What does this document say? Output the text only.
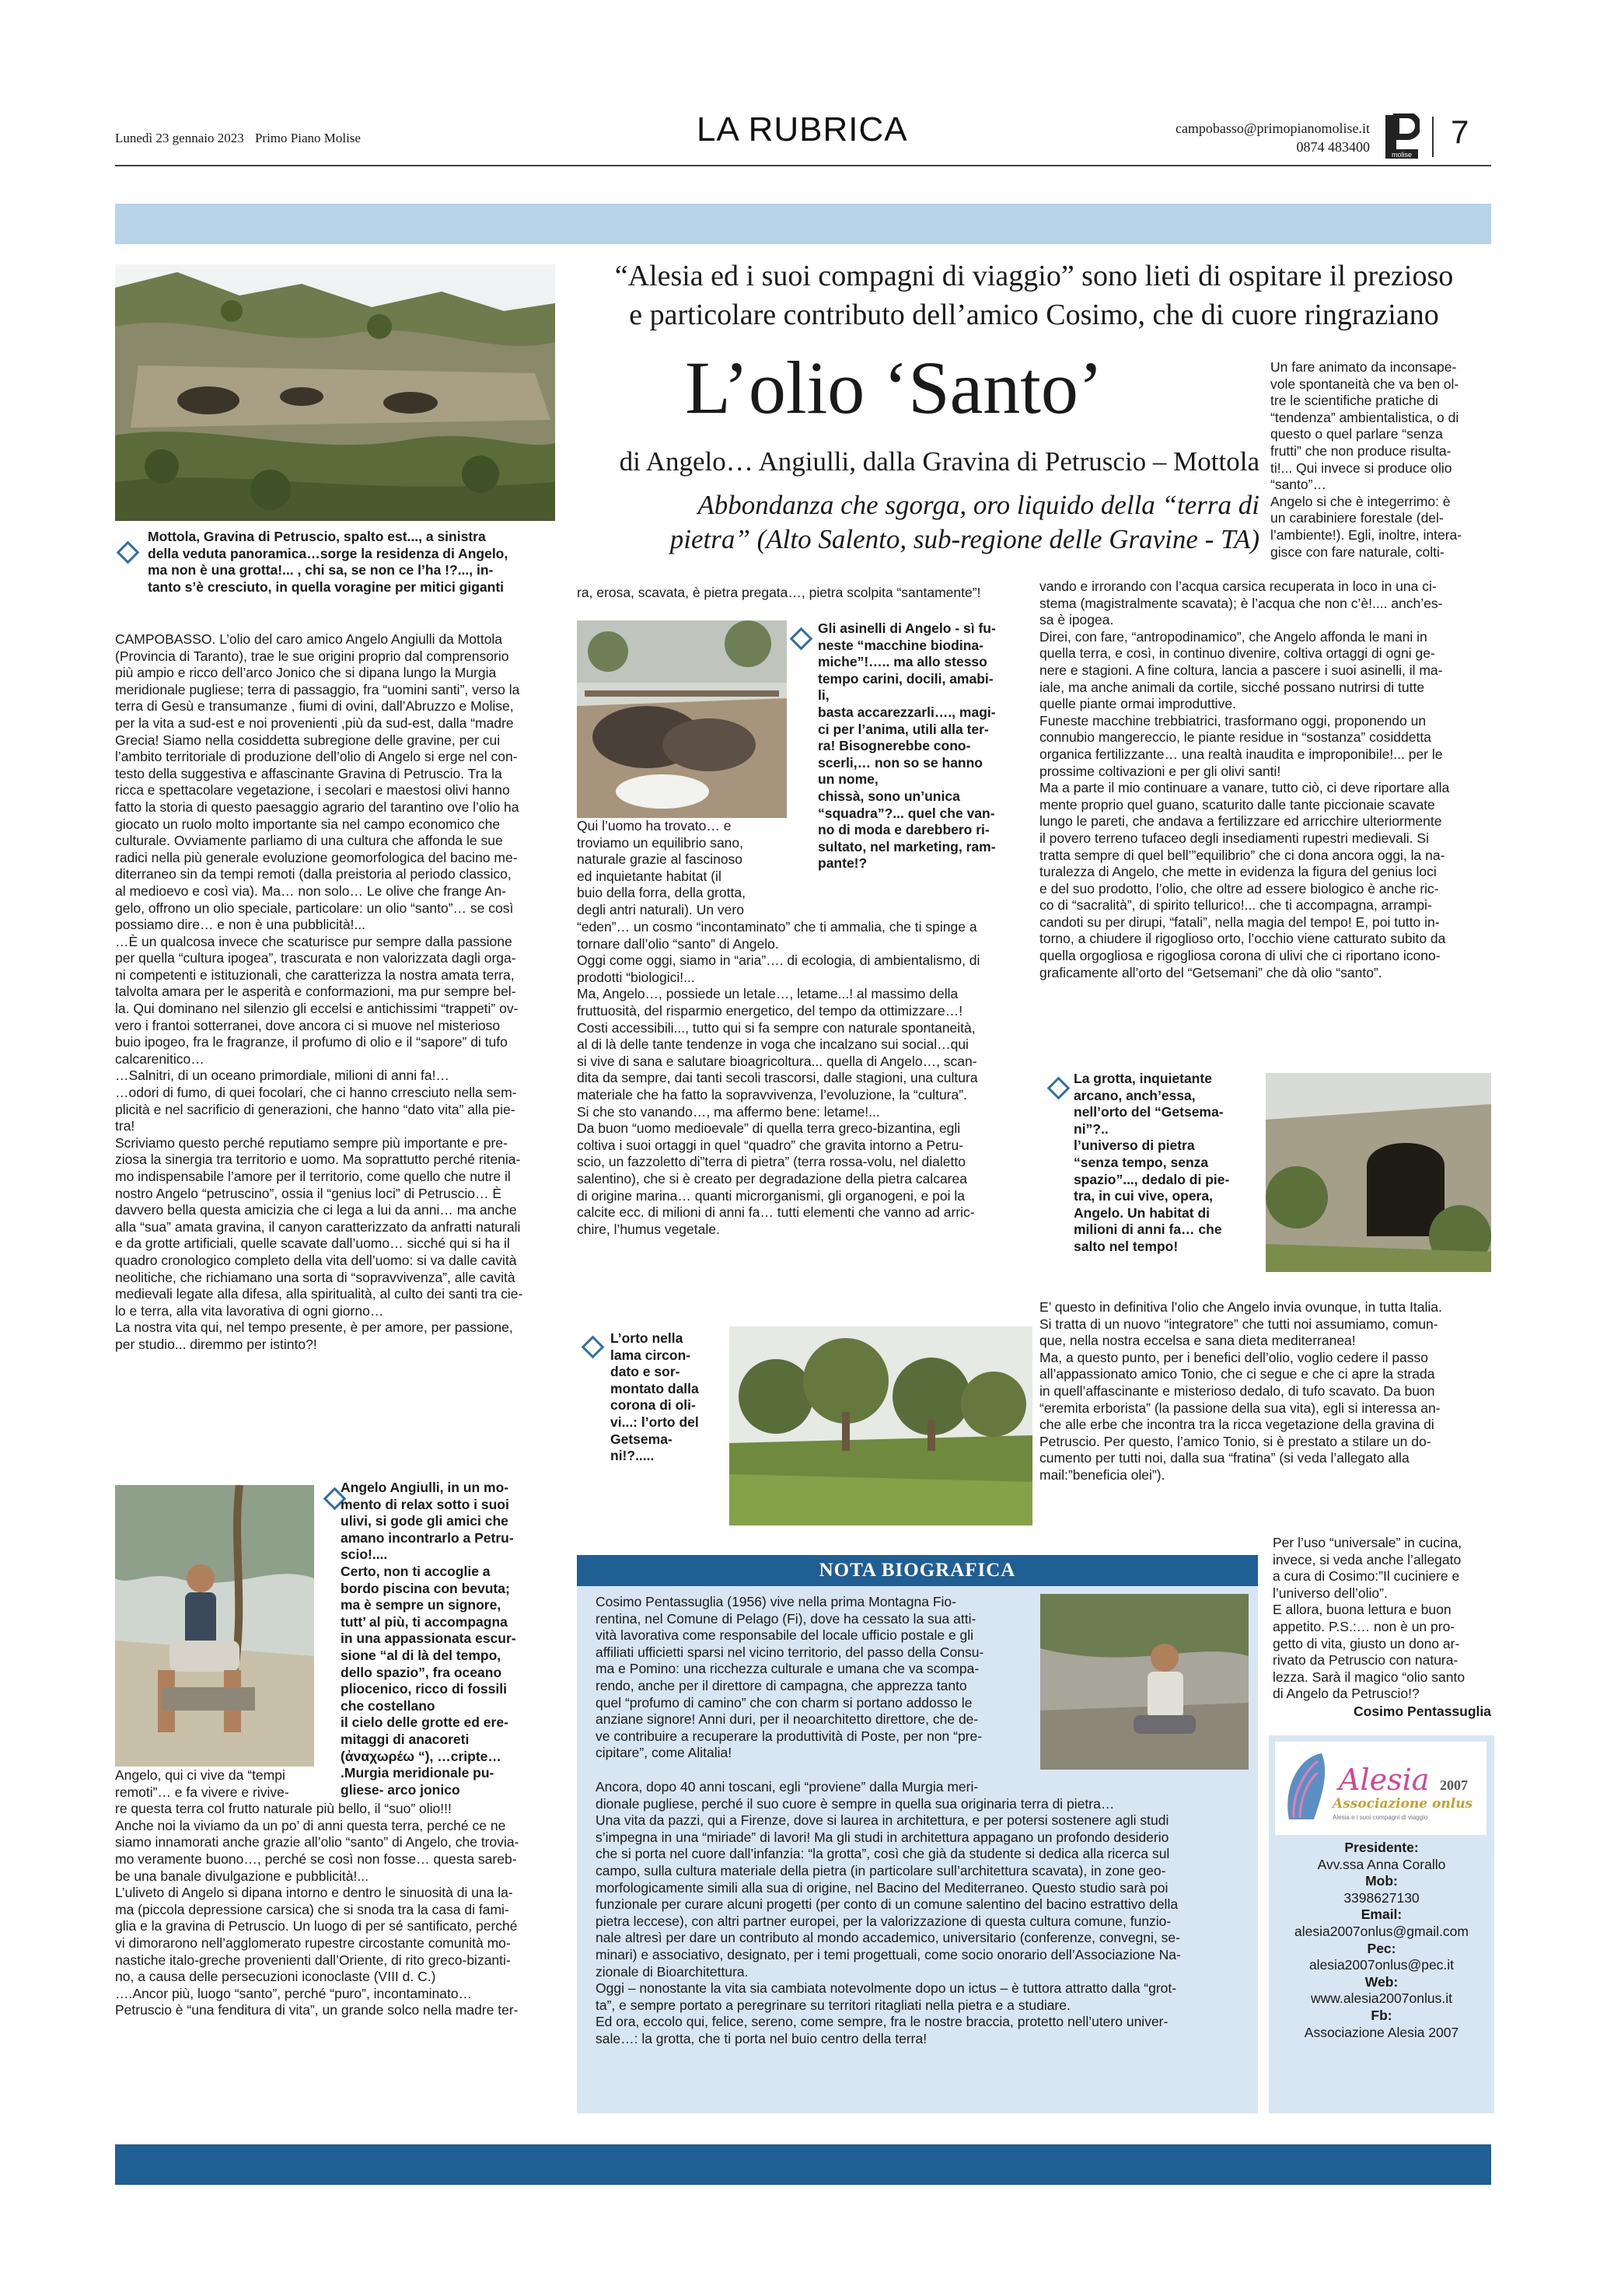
Lunedì 23 gennaio 2023 Primo Piano Molise	LA RUBRICA	campobasso@primopianomolise.it
0874 483400	molise
7
Mottola, Gravina di Petruscio, spalto est..., a sinistra
della veduta panoramica…sorge la residenza di Angelo,
ma non è una grotta!... , chi sa, se non ce l’ha !?..., in-
tanto s’è cresciuto, in quella voragine per mitici giganti
CAMPOBASSO. L’olio del caro amico Angelo Angiulli da Mottola
(Provincia di Taranto), trae le sue origini proprio dal comprensorio
più ampio e ricco dell’arco Jonico che si dipana lungo la Murgia
meridionale pugliese; terra di passaggio, fra “uomini santi”, verso la
terra di Gesù e transumanze , fiumi di ovini, dall’Abruzzo e Molise,
per la vita a sud-est e noi provenienti ,più da sud-est, dalla “madre
Grecia! Siamo nella cosiddetta subregione delle gravine, per cui
l’ambito territoriale di produzione dell’olio di Angelo si erge nel con-
testo della suggestiva e affascinante Gravina di Petruscio. Tra la
ricca e spettacolare vegetazione, i secolari e maestosi olivi hanno
fatto la storia di questo paesaggio agrario del tarantino ove l’olio ha
giocato un ruolo molto importante sia nel campo economico che
culturale. Ovviamente parliamo di una cultura che affonda le sue
radici nella più generale evoluzione geomorfologica del bacino me-
diterraneo sin da tempi remoti (dalla preistoria al periodo classico,
al medioevo e così via). Ma… non solo… Le olive che frange An-
gelo, offrono un olio speciale, particolare: un olio “santo”… se così
possiamo dire… e non è una pubblicità!...
…È un qualcosa invece che scaturisce pur sempre dalla passione
per quella “cultura ipogea”, trascurata e non valorizzata dagli orga-
ni competenti e istituzionali, che caratterizza la nostra amata terra,
talvolta amara per le asperità e conformazioni, ma pur sempre bel-
la. Qui dominano nel silenzio gli eccelsi e antichissimi “trappeti” ov-
vero i frantoi sotterranei, dove ancora ci si muove nel misterioso
buio ipogeo, fra le fragranze, il profumo di olio e il “sapore” di tufo
calcarenitico…
…Salnitri, di un oceano primordiale, milioni di anni fa!…
…odori di fumo, di quei focolari, che ci hanno crresciuto nella sem-
plicità e nel sacrificio di generazioni, che hanno “dato vita” alla pie-
tra!
Scriviamo questo perché reputiamo sempre più importante e pre-
ziosa la sinergia tra territorio e uomo. Ma soprattutto perché ritenia-
mo indispensabile l’amore per il territorio, come quello che nutre il
nostro Angelo “petruscino”, ossia il “genius loci” di Petruscio… È
davvero bella questa amicizia che ci lega a lui da anni… ma anche
alla “sua” amata gravina, il canyon caratterizzato da anfratti naturali
e da grotte artificiali, quelle scavate dall’uomo… sicché qui si ha il
quadro cronologico completo della vita dell’uomo: si va dalle cavità
neolitiche, che richiamano una sorta di “sopravvivenza”, alle cavità
medievali legate alla difesa, alla spiritualità, al culto dei santi tra cie-
lo e terra, alla vita lavorativa di ogni giorno…
La nostra vita qui, nel tempo presente, è per amore, per passione,
per studio... diremmo per istinto?!
Angelo Angiulli, in un mo-
mento di relax sotto i suoi
ulivi, si gode gli amici che
amano incontrarlo a Petru-
scio!....
Certo, non ti accoglie a
bordo piscina con bevuta;
ma è sempre un signore,
tutt’ al più, ti accompagna
in una appassionata escur-
sione “al di là del tempo,
dello spazio”, fra oceano
pliocenico, ricco di fossili
che costellano
il cielo delle grotte ed ere-
mitaggi di anacoreti
(ἀναχωρέω “), …cripte…
.Murgia meridionale pu-
gliese- arco jonico
Angelo, qui ci vive da “tempi
remoti”… e fa vivere e rivive-
re questa terra col frutto naturale più bello, il “suo” olio!!!
Anche noi la viviamo da un po’ di anni questa terra, perché ce ne
siamo innamorati anche grazie all’olio “santo” di Angelo, che troviа-
mo veramente buono…, perché se così non fosse… questa sareb-
be una banale divulgazione e pubblicità!...
L’uliveto di Angelo si dipana intorno e dentro le sinuosità di una la-
ma (piccola depressione carsica) che si snoda tra la casa di fami-
glia e la gravina di Petruscio. Un luogo di per sé santificato, perché
vi dimorarono nell’agglomerato rupestre circostante comunità mo-
nastiche italo-greche provenienti dall’Oriente, di rito greco-bizanti-
no, a causa delle persecuzioni iconoclaste (VIII d. C.)
….Ancor più, luogo “santo”, perché “puro”, incontaminato…
Petruscio è “una fenditura di vita”, un grande solco nella madre ter-
“Alesia ed i suoi compagni di viaggio” sono lieti di ospitare il prezioso
e particolare contributo dell’amico Cosimo, che di cuore ringraziano
L’olio ‘Santo’
di Angelo… Angiulli, dalla Gravina di Petruscio – Mottola
Abbondanza che sgorga, oro liquido della “terra di
pietra” (Alto Salento, sub-regione delle Gravine - TA)
ra, erosa, scavata, è pietra pregata…, pietra scolpita “santamente”!
Gli asinelli di Angelo - sì fu-
neste “macchine biodina-
miche”!….. ma allo stesso
tempo carini, docili, amabi-
li,
basta accarezzarli…., magi-
ci per l’anima, utili alla ter-
ra! Bisognerebbe cono-
scerli,… non so se hanno
un nome,
chissà, sono un’unica
“squadra”?... quel che van-
no di moda e darebbero ri-
sultato, nel marketing, ram-
pante!?
Qui l’uomo ha trovato… e
troviamo un equilibrio sano,
naturale grazie al fascinoso
ed inquietante habitat (il
buio della forra, della grotta,
degli antri naturali). Un vero
“eden”… un cosmo “incontaminato” che ti ammalia, che ti spinge a
tornare dall’olio “santo” di Angelo.
Oggi come oggi, siamo in “aria”…. di ecologia, di ambientalismo, di
prodotti “biologici!...
Ma, Angelo…, possiede un letale…, letame...! al massimo della
fruttuosità, del risparmio energetico, del tempo da ottimizzare…!
Costi accessibili..., tutto qui si fa sempre con naturale spontaneità,
al di là delle tante tendenze in voga che incalzano sui social…qui
si vive di sana e salutare bioagricoltura... quella di Angelo…, scan-
dita da sempre, dai tanti secoli trascorsi, dalle stagioni, una cultura
materiale che ha fatto la sopravvivenza, l’evoluzione, la “cultura”.
Si che sto vanando…, ma affermo bene: letame!...
Da buon “uomo medioevale” di quella terra greco-bizantina, egli
coltiva i suoi ortaggi in quel “quadro” che gravita intorno a Petru-
scio, un fazzoletto di”terra di pietra” (terra rossa-volu, nel dialetto
salentino), che si è creato per degradazione della pietra calcarea
di origine marina… quanti microrganismi, gli organogeni, e poi la
calcite ecc. di milioni di anni fa… tutti elementi che vanno ad arric-
chire, l’humus vegetale.
L’orto nella
lama circon-
dato e sor-
montato dalla
corona di oli-
vi...: l’orto del
Getsema-
ni!?.....
Un fare animato da inconsape-
vole spontaneità che va ben ol-
tre le scientifiche pratiche di
“tendenza” ambientalistica, o di
questo o quel parlare “senza
frutti” che non produce risulta-
ti!... Qui invece si produce olio
“santo”…
Angelo si che è integerrimo: è
un carabiniere forestale (del-
l’ambiente!). Egli, inoltre, intera-
gisce con fare naturale, colti-
vando e irrorando con l’acqua carsica recuperata in loco in una ci-
stema (magistralmente scavata); è l’acqua che non c’è!.... anch’es-
sa è ipogea.
Direi, con fare, “antropodinamico”, che Angelo affonda le mani in
quella terra, e così, in continuo divenire, coltiva ortaggi di ogni ge-
nere e stagioni. A fine coltura, lancia a pascere i suoi asinelli, il ma-
iale, ma anche animali da cortile, sicché possano nutrirsi di tutte
quelle piante ormai improduttive.
Funeste macchine trebbiatrici, trasformano oggi, proponendo un
connubio mangereccio, le piante residue in “sostanza” cosiddetta
organica fertilizzante… una realtà inaudita e improponibile!... per le
prossime coltivazioni e per gli olivi santi!
Ma a parte il mio continuare a vanare, tutto ciò, ci deve riportare alla
mente proprio quel guano, scaturito dalle tante piccionaie scavate
lungo le pareti, che andava a fertilizzare ed arricchire ulteriormente
il povero terreno tufaceo degli insediamenti rupestri medievali. Si
tratta sempre di quel bell’”equilibrio” che ci dona ancora oggi, la na-
turalezza di Angelo, che mette in evidenza la figura del genius loci
e del suo prodotto, l’olio, che oltre ad essere biologico è anche ric-
co di “sacralità”, di spirito tellurico!... che ti accompagna, arrampi-
candoti su per dirupi, “fatali”, nella magia del tempo! E, poi tutto in-
torno, a chiudere il rigoglioso orto, l’occhio viene catturato subito da
quella orgogliosa e rigogliosa corona di ulivi che ci riportano icono-
graficamente all’orto del “Getsemani” che dà olio “santo”.
La grotta, inquietante
arcano, anch’essa,
nell’orto del “Getsema-
ni”?..
l’universo di pietra
“senza tempo, senza
spazio”..., dedalo di pie-
tra, in cui vive, opera,
Angelo. Un habitat di
milioni di anni fa… che
salto nel tempo!
E’ questo in definitiva l’olio che Angelo invia ovunque, in tutta Italia.
Si tratta di un nuovo “integratore” che tutti noi assumiamo, comun-
que, nella nostra eccelsa e sana dieta mediterranea!
Ma, a questo punto, per i benefici dell’olio, voglio cedere il passo
all’appassionato amico Tonio, che ci segue e che ci apre la strada
in quell’affascinante e misterioso dedalo, di tufo scavato. Da buon
“eremita erborista” (la passione della sua vita), egli si interessa an-
che alle erbe che incontra tra la ricca vegetazione della gravina di
Petruscio. Per questo, l’amico Tonio, si è prestato a stilare un do-
cumento per tutti noi, dalla sua “fratina” (si veda l’allegato alla
mail:”beneficia olei”).
NOTA BIOGRAFICA
Cosimo Pentassuglia (1956) vive nella prima Montagna Fio-
rentina, nel Comune di Pelago (Fi), dove ha cessato la sua atti-
vità lavorativa come responsabile del locale ufficio postale e gli
affiliati ufficietti sparsi nel vicino territorio, del passo della Consu-
ma e Pomino: una ricchezza culturale e umana che va scompa-
rendo, anche per il direttore di campagna, che apprezza tanto
quel “profumo di camino” che con charm si portano addosso le
anziane signore! Anni duri, per il neoarchitetto direttore, che de-
ve contribuire a recuperare la produttività di Poste, per non “pre-
cipitare”, come Alitalia!
Ancora, dopo 40 anni toscani, egli “proviene” dalla Murgia meri-
dionale pugliese, perché il suo cuore è sempre in quella sua originaria terra di pietra…
Una vita da pazzi, qui a Firenze, dove si laurea in architettura, e per potersi sostenere agli studi
s’impegna in una “miriade” di lavori! Ma gli studi in architettura appagano un profondo desiderio
che si porta nel cuore dall’infanzia: “la grotta”, così che già da studente si dedica alla ricerca sul
campo, sulla cultura materiale della pietra (in particolare sull’architettura scavata), in zone geo-
morfologicamente simili alla sua di origine, nel Bacino del Mediterraneo. Questo studio sarà poi
funzionale per curare alcuni progetti (per conto di un comune salentino del bacino estrattivo della
pietra leccese), con altri partner europei, per la valorizzazione di questa cultura comune, funzio-
nale altresì per dare un contributo al mondo accademico, universitario (conferenze, convegni, se-
minari) e associativo, designato, per i temi progettuali, come socio onorario dell’Associazione Na-
zionale di Bioarchitettura.
Oggi – nonostante la vita sia cambiata notevolmente dopo un ictus – è tuttora attratto dalla “grot-
ta”, e sempre portato a peregrinare su territori ritagliati nella pietra e a studiare.
Ed ora, eccolo qui, felice, sereno, come sempre, fra le nostre braccia, protetto nell’utero univer-
sale…: la grotta, che ti porta nel buio centro della terra!
Per l’uso “universale” in cucina,
invece, si veda anche l’allegato
a cura di Cosimo:”Il cuciniere e
l’universo dell’olio”.
E allora, buona lettura e buon
appetito. P.S.:… non è un pro-
getto di vita, giusto un dono ar-
rivato da Petruscio con natura-
lezza. Sarà il magico “olio santo
di Angelo da Petruscio!?
Cosimo Pentassuglia
Alesia 2007
Associazione onlus
Alesia e i suoi compagni di viaggio
Presidente:
Avv.ssa Anna Corallo
Mob:
3398627130
Email:
alesia2007onlus@gmail.com
Pec:
alesia2007onlus@pec.it
Web:
www.alesia2007onlus.it
Fb:
Associazione Alesia 2007
